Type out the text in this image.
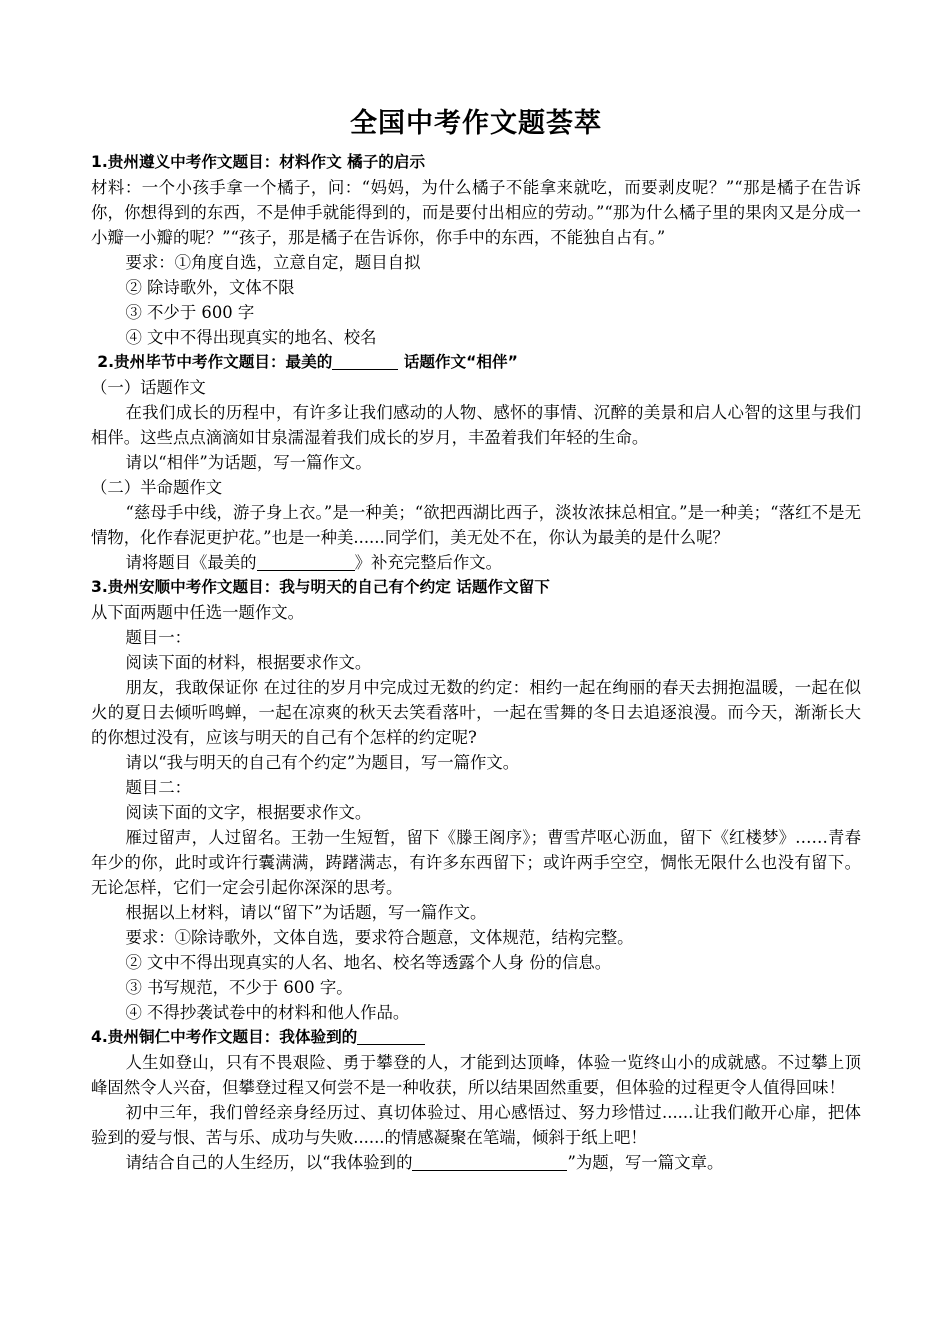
全国中考作文题荟萃
1.贵州遵义中考作文题目：材料作文 橘子的启示
材料：一个小孩手拿一个橘子，问：“妈妈，为什么橘子不能拿来就吃，而要剥皮呢？”“那是橘子在告诉你，你想得到的东西，不是伸手就能得到的，而是要付出相应的劳动。”“那为什么橘子里的果肉又是分成一小瓣一小瓣的呢？”“孩子，那是橘子在告诉你，你手中的东西，不能独自占有。”
要求：①角度自选，立意自定，题目自拟
② 除诗歌外，文体不限
③ 不少于 600 字
④ 文中不得出现真实的地名、校名
2.贵州毕节中考作文题目：最美的	话题作文“相伴”
（一）话题作文
在我们成长的历程中，有许多让我们感动的人物、感怀的事情、沉醉的美景和启人心智的这里与我们相伴。这些点点滴滴如甘泉濡湿着我们成长的岁月，丰盈着我们年轻的生命。
请以“相伴”为话题，写一篇作文。
（二）半命题作文
“慈母手中线，游子身上衣。”是一种美；“欲把西湖比西子，淡妆浓抹总相宜。”是一种美；“落红不是无情物，化作春泥更护花。”也是一种美......同学们，美无处不在，你认为最美的是什么呢？
请将题目《最美的	》补充完整后作文。
3.贵州安顺中考作文题目：我与明天的自己有个约定 话题作文留下
从下面两题中任选一题作文。
题目一：
阅读下面的材料，根据要求作文。
朋友，我敢保证你 在过往的岁月中完成过无数的约定：相约一起在绚丽的春天去拥抱温暖，一起在似火的夏日去倾听鸣蝉，一起在凉爽的秋天去笑看落叶，一起在雪舞的冬日去追逐浪漫。而今天，渐渐长大的你想过没有，应该与明天的自己有个怎样的约定呢?
请以“我与明天的自己有个约定”为题目，写一篇作文。
题目二：
阅读下面的文字，根据要求作文。
雁过留声，人过留名。王勃一生短暂，留下《滕王阁序》；曹雪芹呕心沥血，留下《红楼梦》……青春年少的你，此时或许行囊满满，踌躇满志，有许多东西留下；或许两手空空，惆怅无限什么也没有留下。无论怎样，它们一定会引起你深深的思考。
根据以上材料，请以“留下”为话题，写一篇作文。
要求：①除诗歌外，文体自选，要求符合题意，文体规范，结构完整。
② 文中不得出现真实的人名、地名、校名等透露个人身 份的信息。
③ 书写规范，不少于 600 字。
④ 不得抄袭试卷中的材料和他人作品。
4.贵州铜仁中考作文题目：我体验到的
人生如登山，只有不畏艰险、勇于攀登的人，才能到达顶峰，体验一览终山小的成就感。不过攀上顶峰固然令人兴奋，但攀登过程又何尝不是一种收获，所以结果固然重要，但体验的过程更令人值得回味！
初中三年，我们曾经亲身经历过、真切体验过、用心感悟过、努力珍惜过......让我们敞开心扉，把体验到的爱与恨、苦与乐、成功与失败......的情感凝聚在笔端，倾斜于纸上吧！
请结合自己的人生经历，以“我体验到的	”为题，写一篇文章。
